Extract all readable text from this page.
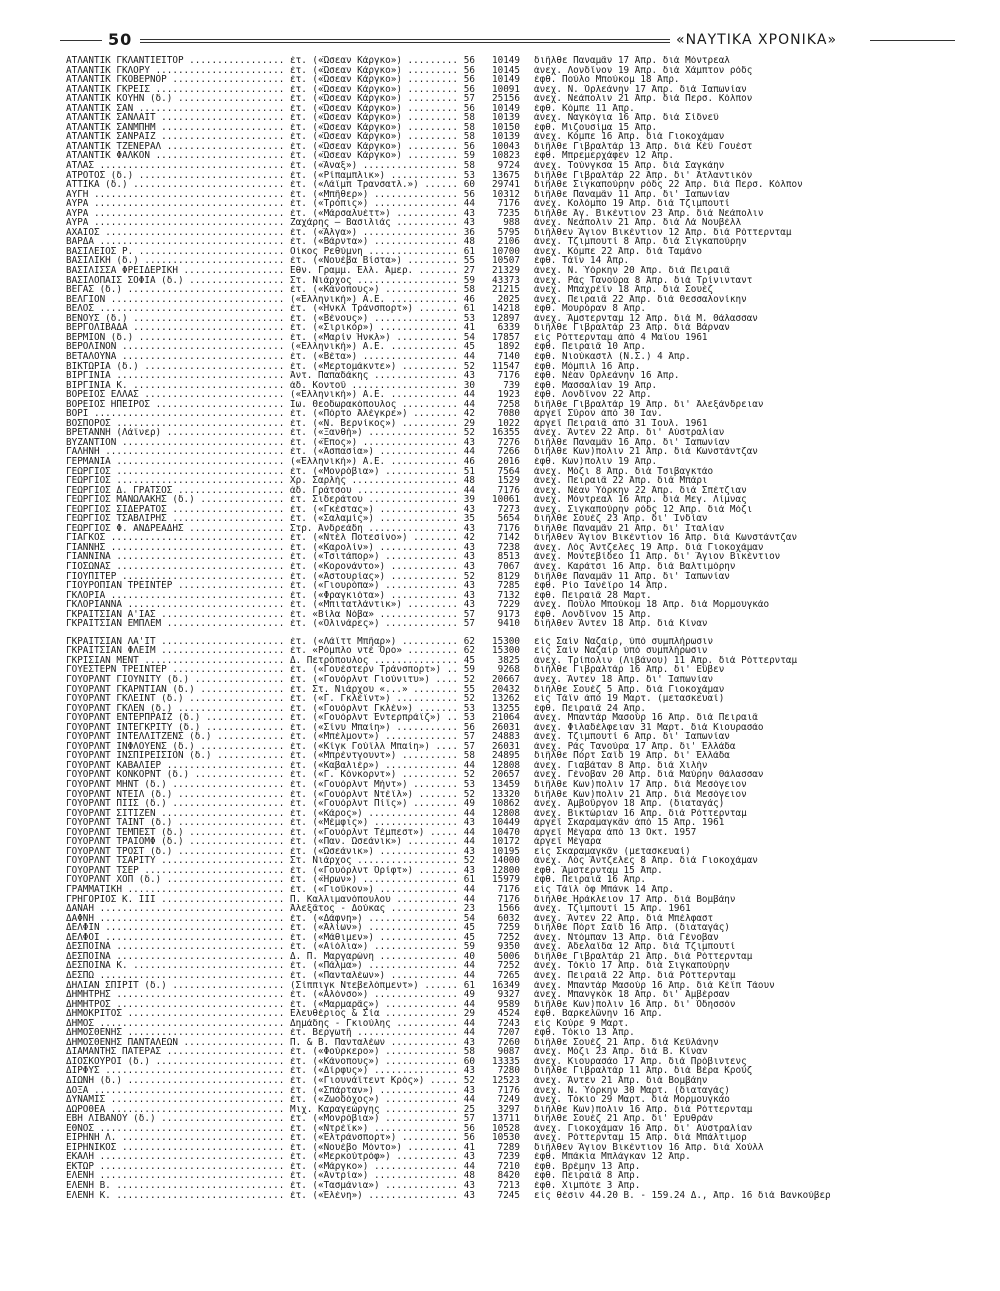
50	«ΝΑΥΤΙΚΑ ΧΡΟΝΙΚΑ»
ΑΤΛΑΝΤΙΚ ΓΚΛΑΝΤΙΕΊΤΟΡ .....	ἑτ. («Ὤσεαν Κάργκο») .....	56	10149 διῆλθε Παναμᾶν 17 Ἀπρ. διὰ Μόντρεαλ
ΑΤΛΑΝΤΙΚ ΓΚΛΟΡΥ .....	ἑτ. («Ὤσεαν Κάργκο») .....	56	10145 ἀνεχ. Λονδῖνον 19 Ἀπρ. διὰ Χάμπτον ρόδς
ΑΤΛΑΝΤΙΚ ΓΚΟΒΕΡΝΟΡ .....	ἑτ. («Ὤσεαν Κάργκο») .....	56	10149 ἐφθ. Πούλο Μπούκομ 18 Ἀπρ.
ΑΤΛΑΝΤΙΚ ΓΚΡΕΪΣ .....	ἑτ. («Ὤσεαν Κάργκο») .....	56	10091 ἀνεχ. Ν. Ὀρλεάνην 17 Ἀπρ. διὰ Ἰαπωνίαν
ΑΤΛΑΝΤΙΚ ΚΟΥΗΝ (δ.) .....	ἑτ. («Ὤσεαν Κάργκο») .....	57	25156 ἀνεχ. Νεάπολιν 21 Ἀπρ. διὰ Περσ. Κόλπον
ΑΤΛΑΝΤΙΚ ΣΑΝ .....	ἑτ. («Ὤσεαν Κάργκο») .....	56	10149 ἐφθ. Κόμπε 11 Ἀπρ.
ΑΤΛΑΝΤΙΚ ΣΑΝΛΑΪΤ .....	ἑτ. («Ὤσεαν Κάργκο») .....	58	10139 ἀνεχ. Ναγκόγια 16 Ἀπρ. διὰ Σίδνεϋ
ΑΤΛΑΝΤΙΚ ΣΑΝΜΠΗΜ .....	ἑτ. («Ὤσεαν Κάργκο») .....	58	10150 ἐφθ. Μιζουσίμα 15 Ἀπρ.
ΑΤΛΑΝΤΙΚ ΣΑΝΡΑΪΖ .....	ἑτ. («Ὤσεαν Κάργκο») .....	58	10139 ἀνεχ. Κόμπε 16 Ἀπρ. διὰ Γιοκοχάμαν
ΑΤΛΑΝΤΙΚ ΤΖΕΝΕΡΑΛ .....	ἑτ. («Ὤσεαν Κάργκο») .....	56	10043 διῆλθε Γιβραλτὰρ 13 Ἀπρ. διὰ Κέϋ Γουέστ
ΑΤΛΑΝΤΙΚ ΦΑΛΚΟΝ .....	ἑτ. («Ὤσεαν Κάργκο») .....	59	10823 ἐφθ. Μπρεμερχάφεν 12 Ἀπρ.
ΑΤΛΑΣ .....	ἑτ. («Ἄναξ») .....	58	9724 ἀνεχ. Τούνγκσα 15 Ἀπρ. διὰ Σαγκάην
ΑΤΡΟΤΟΣ (δ.) .....	ἑτ. («Ρίπαμπλικ») .....	53	13675 διῆλθε Γιβραλτὰρ 22 Ἀπρ. δι' Ἀτλαντικὸν
ΑΤΤΙΚΑ (δ.) .....	ἑτ. («Λάϊμπ Τρανσατλ.») .....	60	29741 διῆλθε Σιγκαπούρην ρόδς 22 Ἀπρ. διὰ Περσ. Κόλπον
ΑΥΓΗ .....	ἑτ. («Μπῆθερ») .....	56	10312 διῆλθε Παναμᾶν 11 Ἀπρ. δι' Ἰαπωνίαν
ΑΥΡΑ .....	ἑτ. («Τρόπις») .....	44	7176 ἀνεχ. Κολόμπο 19 Ἀπρ. διὰ Τζιμπουτί
ΑΥΡΑ .....	ἑτ. («Μάρσαλυέττ») .....	43	7235 διῆλθε Ἁγ. Βικέντιον 23 Ἀπρ. διὰ Νεάπολιν
ΑΥΡΑ .....	Ζαχάρης — Βασιλιάς .....	43	988 ἀνεχ. Νεάπολιν 21 Ἀπρ. διὰ Λὰ Νουβέλλ
ΑΧΑΙΟΣ .....	ἑτ. («Ἄλγα») .....	36	5795 διῆλθεν Ἅγιον Βικέντιον 12 Ἀπρ. διὰ Ρόττερνταμ
ΒΑΡΔΑ .....	ἑτ. («Βάρντα») .....	48	2106 ἀνεχ. Τζιμπουτί 8 Ἀπρ. διὰ Σιγκαπούρην
ΒΑΣΙΛΕΙΟΣ Ρ. .....	Οἶκος Ρεθύμνη .....	61	10700 ἀνεχ. Κόμπε 22 Ἀπρ. διὰ Ταμάνο
ΒΑΣΙΛΙΚΗ (δ.) .....	ἑτ. («Νουέβα Βίστα») .....	55	10507 ἐφθ. Τάϊν 14 Ἀπρ.
ΒΑΣΙΛΙΣΣΑ ΦΡΕΙΔΕΡΙΚΗ .....	Ἑθν. Γραμμ. Ἑλλ. Ἀμερ. .....	27	21329 ἀνεχ. Ν. Ὑόρκην 20 Ἀπρ. διὰ Πειραιᾶ
ΒΑΣΙΛΟΠΑΙΣ ΣΟΦΙΑ (δ.) .....	Στ. Νιάρχος .....	59	43373 ἀνεχ. Ράς Τανούρα 8 Ἀπρ. διὰ Τρίνινταντ
ΒΕΓΑΣ (δ.) .....	ἑτ. («Κάνοπους») .....	58	21215 ἀνεχ. Μπαχρέϊν 18 Ἀπρ. διὰ Σουέζ
ΒΕΛΓΙΟΝ .....	(«Ἑλληνική») Α.Ε. .....	46	2025 ἀνεχ. Πειραιᾶ 22 Ἀπρ. διὰ Θεσσαλονίκην
ΒΕΛΟΣ .....	ἑτ. («Ἡνκλ Τράνσπορτ») .....	61	14218 ἐφθ. Μουρόραν 8 Ἀπρ.
ΒΕΝΟΥΣ (δ.) .....	ἑτ. («Βένους») .....	53	12897 ἀνεχ. Ἄμστερνταμ 12 Ἀπρ. διὰ Μ. Θάλασσαν
ΒΕΡΓΟΛΙΒΑΔΑ .....	ἑτ. («Σιρικόρ») .....	41	6339 διῆλθε Γιβραλτὰρ 23 Ἀπρ. διὰ Βάρναν
ΒΕΡΜΙΟΝ (δ.) .....	ἑτ. («Μαρίν Ἡνκλ») .....	54	17857 εἰς Ρόττερνταμ ἀπὸ 4 Μαΐου 1961
ΒΕΡΟΛΙΝΟΝ .....	(«Ἑλληνική») Α.Ε. .....	45	1892 ἐφθ. Πειραιᾶ 10 Ἀπρ.
ΒΕΤΑΛΟΥΝΑ .....	ἑτ. («Βέτα») .....	44	7140 ἐφθ. Νιούκαστλ (Ν.Σ.) 4 Ἀπρ.
ΒΙΚΤΩΡΙΑ (δ.) .....	ἑτ. («Μερτομάκντε») .....	52	11547 ἐφθ. Μόμπιλ 16 Ἀπρ.
ΒΙΡΓΙΝΙΑ .....	Ἀντ. Παπαδάκης .....	43	7176 ἐφθ. Νέαν Ὀρλεάνην 16 Ἀπρ.
ΒΙΡΓΙΝΙΑ Κ. .....	ἀδ. Κοντοῦ .....	30	739 ἐφθ. Μασσαλίαν 19 Ἀπρ.
ΒΟΡΕΙΟΣ ΕΛΛΑΣ .....	(«Ἑλληνική») Α.Ε. .....	44	1923 ἐφθ. Λονδῖνον 22 Ἀπρ.
ΒΟΡΕΙΟΣ ΗΠΕΙΡΟΣ .....	Ἰω. Θεοδωρακόπουλος .....	44	7258 διῆλθε Γιβραλτὰρ 19 Ἀπρ. δι' Ἀλεξάνδρειαν
ΒΟΡΙ .....	ἑτ. («Πόρτο Ἀλέγκρε») .....	42	7080 ἀργεῖ Σῦρον ἀπὸ 30 Ἰαν.
ΒΟΣΠΟΡΟΣ .....	ἑτ. («Ν. Βερνίκος») .....	29	1022 ἀργεῖ Πειραιᾶ ἀπὸ 31 Ἰουλ. 1961
ΒΡΕΤΑΝΝΗ (Λάϊνερ) .....	ἑτ. («Ξανθή») .....	52	16355 ἀνεχ. Ἄντεν 22 Ἀπρ. δι' Αὐστραλίαν
ΒΥΖΑΝΤΙΟΝ .....	ἑτ. («Ἔπος») .....	43	7276 διῆλθε Παναμᾶν 16 Ἀπρ. δι' Ἰαπωνίαν
ΓΑΛΗΝΗ .....	ἑτ. («Ἀσπασία») .....	44	7266 διῆλθε Κων)πολιν 21 Ἀπρ. διὰ Κωνστάντζαν
ΓΕΡΜΑΝΙΑ .....	(«Ἑλληνική») Α.Ε. .....	46	2016 ἐφθ. Κων)πολιν 19 Ἀπρ.
ΓΕΩΡΓΙΟΣ .....	ἑτ. («Μονρόβια») .....	51	7564 ἀνεχ. Μόζι 8 Ἀπρ. διὰ Τσιβαγκτάο
ΓΕΩΡΓΙΟΣ .....	Χρ. Σαρλής .....	48	1529 ἀνεχ. Πειραιᾶ 22 Ἀπρ. διὰ Μπάρι
ΓΕΩΡΓΙΟΣ Δ. ΓΡΑΤΣΟΣ .....	ἀδ. Γράτσου .....	44	7176 ἀνεχ. Νέαν Ὑόρκην 22 Ἀπρ. διὰ Σπέτζιαν
ΓΕΩΡΓΙΟΣ ΜΑΝΩΛΑΚΗΣ (δ.) .....	ἑτ. Σιδεράτου .....	39	10061 ἀνεχ. Μόντρεαλ 16 Ἀπρ. διὰ Μεγ. Λίμνας
ΓΕΩΡΓΙΟΣ ΣΙΔΕΡΑΤΟΣ .....	ἑτ. («Γκέστας») .....	43	7273 ἀνεχ. Σιγκαπούρην ρόδς 12 Ἀπρ. διὰ Μόζι
ΓΕΩΡΓΙΟΣ ΤΣΑΒΛΙΡΗΣ .....	ἑτ. («Σαλαμίς») .....	35	5654 διῆλθε Σουέζ 23 Ἀπρ. δι' Ἰνδίαν
ΓΕΩΡΓΙΟΣ Φ. ΑΝΔΡΕΑΔΗΣ .....	Στρ. Ἀνδρεάδη .....	43	7176 διῆλθε Παναμᾶν 21 Ἀπρ. δι' Ἰταλίαν
ΓΙΑΓΚΟΣ .....	ἑτ. («Ντέλ Ποτεσίνο») .....	42	7142 διῆλθεν Ἅγιον Βικέντιον 16 Ἀπρ. διὰ Κωνστάντζαν
ΓΙΑΝΝΗΣ .....	ἑτ. («Καρολίν») .....	43	7238 ἀνεχ. Λὸς Ἄντζελες 19 Ἀπρ. διὰ Γιοκοχάμαν
ΓΙΑΝΝΙΝΑ .....	ἑτ. («Τσιτάπορ») .....	43	8513 ἀνεχ. Μοντεβίδεο 11 Ἀπρ. δι' Ἅγιον Βικέντιον
ΓΙΟΣΩΝΑΣ .....	ἑτ. («Κορονάντο») .....	43	7067 ἀνεχ. Καράτσι 16 Ἀπρ. διὰ Βαλτιμόρην
ΓΙΟΥΠΙΤΕΡ .....	ἑτ. («Ἀστουρίας») .....	52	8129 διῆλθε Παναμᾶν 11 Ἀπρ. δι' Ἰαπωνίαν
ΓΙΟΥΡΟΠΙΑΝ ΤΡΕΪΝΤΕΡ .....	ἑτ. («Γιουρόπα») .....	43	7285 ἐφθ. Ρίο Ἰανέϊρο 14 Ἀπρ.
ΓΚΛΟΡΙΑ .....	ἑτ. («Φραγκιότα») .....	43	7132 ἐφθ. Πειραιᾶ 28 Μαρτ.
ΓΚΛΟΡΙΑΝΝΑ .....	ἑτ. («Μπιτατλάντικ») .....	43	7229 ἀνεχ. Πούλο Μπούκομ 18 Ἀπρ. διὰ Μορμουγκάο
ΓΚΡΑΪΤΣΙΑΝ Α'ΪΑΣ .....	ἑτ. «Βίλα Νόβα» .....	57	9173 ἐφθ. Λονδῖνον 15 Ἀπρ.
ΓΚΡΑΪΤΣΙΑΝ ΕΜΠΛΕΜ .....	ἑτ. («Ὀλινάρες») .....	57	9410 διῆλθεν Ἄντεν 18 Ἀπρ. διὰ Κίναν
ΓΚΡΑΪΤΣΙΑΝ ΛΑ'ΪΤ .....	ἑτ. («Λάϊττ Μπῆαρ») .....	62	15300 εἰς Σαὶν Ναζαίρ, ὑπὸ συμπλήρωσιν
ΓΚΡΑΪΤΣΙΑΝ ΦΛΕΪΜ .....	ἑτ. «Ρόμπλο ντὲ Ὄρο» .....	62	15300 εἰς Σαὶν Ναζαίρ ὑπὸ συμπλήρωσιν
ΓΚΡΙΣΙΑΝ ΜΕΝΤ .....	Δ. Πετρόπουλος .....	45	3825 ἀνεχ. Τρίπολιν (Λιβάνου) 11 Ἀπρ. διὰ Ρόττερνταμ
ΓΟΥΕΣΤΕΡΝ ΤΡΕΪΝΤΕΡ .....	ἑτ. («Γουέστερν Τράνσπορτ») .....	59	9268 διῆλθε Γιβραλτὰρ 16 Ἀπρ. δι' Εὔβεν
ΓΟΥΟΡΛΝΤ ΓΙΟΥΝΙΤΥ (δ.) .....	ἑτ. («Γουόρλντ Γιούνιτυ») .....	52	20667 ἀνεχ. Ἄντεν 18 Ἀπρ. δι' Ἰαπωνίαν
ΓΟΥΟΡΛΝΤ ΓΚΑΡΝΤΙΑΝ (δ.) .....	ἑτ. Στ. Νιάρχου «...» .....	55	20432 διῆλθε Σουέζ 5 Ἀπρ. διὰ Γιοκοχάμαν
ΓΟΥΟΡΛΝΤ ΓΚΛΕΪΝΤ (δ.) .....	ἑτ. («Γ. Γκλέϊντ») .....	52	13262 εἰς Τάϊν ἀπὸ 19 Μαρτ. (μετασκευαί)
ΓΟΥΟΡΛΝΤ ΓΚΛΕΝ (δ.) .....	ἑτ. («Γουόρλντ Γκλέν») .....	53	13255 ἐφθ. Πειραιᾶ 24 Ἀπρ.
ΓΟΥΟΡΛΝΤ ΕΝΤΕΡΠΡΑΪΖ (δ.) .....	ἑτ. («Γουόρλντ Ἐντερπράϊζ») .....	53	21064 ἀνεχ. Μπαντὰρ Μασοὺρ 16 Ἀπρ. διὰ Πειραιᾶ
ΓΟΥΟΡΛΝΤ ΙΝΤΕΓΚΡΙΤΥ (δ.) .....	ἑτ. («Σίνυ Μπαίη») .....	56	26031 ἀνεχ. Φιλαδέλφειαν 31 Μαρτ. διὰ Κιουρασάο
ΓΟΥΟΡΛΝΤ ΙΝΤΕΛΛΙΤΖΕΝΣ (δ.) .....	ἑτ. («Μπέλμοντ») .....	57	24883 ἀνεχ. Τζιμπουτί 6 Ἀπρ. δι' Ἰαπωνίαν
ΓΟΥΟΡΛΝΤ ΙΝΦΛΟΥΕΝΣ (δ.) .....	ἑτ. («Κίγκ Γούϊλλ Μπαίη») .....	57	26031 ἀνεχ. Ράς Τανούρα 17 Ἀπρ. δι' Ἑλλάδα
ΓΟΥΟΡΛΝΤ ΙΝΣΠΙΡΕΪΣΙΟΝ (δ.) .....	ἑτ. («Μπρέντγουντ») .....	58	24895 διῆλθε Πόρτ Σαΐδ 19 Ἀπρ. δι' Ἑλλάδα
ΓΟΥΟΡΛΝΤ ΚΑΒΑΛΙΕΡ .....	ἑτ. («Καβαλιέρ») .....	44	12808 ἀνεχ. Γιαβάταν 8 Ἀπρ. διὰ Χιλὴν
ΓΟΥΟΡΛΝΤ ΚΟΝΚΟΡΝΤ (δ.) .....	ἑτ. («Γ. Κόνκορντ») .....	52	20657 ἀνεχ. Γένοβαν 20 Ἀπρ. διὰ Μαύρην Θάλασσαν
ΓΟΥΟΡΛΝΤ ΜΗΝΤ (δ.) .....	ἑτ. («Γουόρλντ Μήντ») .....	53	13459 διῆλθε Κων)πολιν 17 Ἀπρ. διὰ Μεσόγειον
ΓΟΥΟΡΛΝΤ ΝΤΕΪΛ (δ.) .....	ἑτ. («Γουόρλντ Ντέϊλ») .....	52	13320 διῆλθε Κων)πολιν 21 Ἀπρ. διὰ Μεσόγειον
ΓΟΥΟΡΛΝΤ ΠΙΪΣ (δ.) .....	ἑτ. («Γουόρλντ Πίϊς») .....	49	10862 ἀνεχ. Ἀμβοῦργον 18 Ἀπρ. (διαταγάς)
ΓΟΥΟΡΛΝΤ ΣΙΤΙΖΕΝ .....	ἑτ. («Κάρος») .....	44	12808 ἀνεχ. Βικτώριαν 16 Ἀπρ. διὰ Ρόττερνταμ
ΓΟΥΟΡΛΝΤ ΤΑΪΝΤ (δ.) .....	ἑτ. («Μέμφις») .....	43	10449 ἀργεῖ Σκαραμαγκᾶν ἀπὸ 15 Ἀπρ. 1961
ΓΟΥΟΡΛΝΤ ΤΕΜΠΕΣΤ (δ.) .....	ἑτ. («Γουόρλντ Τέμπεστ») .....	44	10470 ἀργεῖ Μέγαρα ἀπὸ 13 Ὀκτ. 1957
ΓΟΥΟΡΛΝΤ ΤΡΑΪΟΜΦ (δ.) .....	ἑτ. («Παν. Ὠσεάνικ») .....	44	10172 ἀργεῖ Μέγαρα
ΓΟΥΟΡΛΝΤ ΤΡΟΣΤ (δ.) .....	ἑτ. («Ὠσεάνικ») .....	43	10195 εἰς Σκαραμαγκᾶν (μετασκευαί)
ΓΟΥΟΡΛΝΤ ΤΣΑΡΙΤΥ .....	Στ. Νιάρχος .....	52	14000 ἀνεχ. Λὸς Ἄντζελες 8 Ἀπρ. διὰ Γιοκοχάμαν
ΓΟΥΟΡΛΝΤ ΤΣΕΡ .....	ἑτ. («Γουόρλντ Ὀρίφτ») .....	43	12800 ἐφθ. Ἄμστερνταμ 15 Ἀπρ.
ΓΟΥΟΡΛΝΤ ΧΟΠ (δ.) .....	ἑτ. («Ἥρων») .....	61	15979 ἐφθ. Πειραιᾶ 16 Ἀπρ.
ΓΡΑΜΜΑΤΙΚΗ .....	ἑτ. («Γιοῦκον») .....	44	7176 εἰς Τάϊλ ὄφ Μπάνκ 14 Ἀπρ.
ΓΡΗΓΟΡΙΟΣ Κ. ΙΙΙ .....	Π. Καλλιμανόπουλου .....	44	7176 διῆλθε Ἡράκλειον 17 Ἀπρ. διὰ Βομβάην
ΔΑΝΑΗ .....	Ἀλεξᾶτος - Δούκας .....	23	1566 ἀνεχ. Τζιμπουτί 15 Ἀπρ. 1961
ΔΑΦΝΗ .....	ἑτ. («Δάφνη») .....	54	6032 ἀνεχ. Ἄντεν 22 Ἀπρ. διὰ Μπέλφαστ
ΔΕΛΦΙΝ .....	ἑτ. («Ἀλίων») .....	45	7259 διῆλθε Πόρτ Σαΐδ 16 Ἀπρ. (διαταγάς)
ΔΕΛΦΟΙ .....	ἑτ. («Μάθιμεν») .....	45	7252 ἀνεχ. Ντόμπαν 13 Ἀπρ. διὰ Γένοβαν
ΔΕΣΠΟΙΝΑ .....	ἑτ. («Αἰόλια») .....	59	9350 ἀνεχ. Ἀδελαΐδα 12 Ἀπρ. διὰ Τζιμπουτί
ΔΕΣΠΟΙΝΑ .....	Δ. Π. Μαργαρώνη .....	40	5006 διῆλθε Γιβραλτὰρ 21 Ἀπρ. διὰ Ρόττερνταμ
ΔΕΣΠΟΙΝΑ Κ. .....	ἑτ. («Πάλμα») .....	44	7252 ἀνεχ. Τόκιο 17 Ἀπρ. διὰ Σιγκαπούρην
ΔΕΣΠΩ .....	ἑτ. («Πανταλέων») .....	44	7265 ἀνεχ. Πειραιᾶ 22 Ἀπρ. διὰ Ρόττερνταμ
ΔΗΛΙΑΝ ΣΠΙΡΙΤ (δ.) .....	(Σίππιγκ Ντεβελόπμεντ») .....	61	16349 ἀνεχ. Μπαντὰρ Μασοὺρ 16 Ἀπρ. διὰ Κέϊπ Τάουν
ΔΗΜΗΤΡΗΣ .....	ἑτ. («Ἀλόνσο») .....	49	9327 ἀνεχ. Μπανγκὸκ 18 Ἀπρ. δι' Ἀμβέρσαν
ΔΗΜΗΤΡΟΣ .....	ἑτ. («Μαρμαρᾶς») .....	44	9589 διῆλθε Κων)πολιν 16 Ἀπρ. δι' Ὀδησσὸν
ΔΗΜΟΚΡΙΤΟΣ .....	Ἐλευθέριος & Σία .....	29	4524 ἐφθ. Βαρκελῶνην 16 Ἀπρ.
ΔΗΜΟΣ .....	Δημάδης - Γκιούλης .....	44	7243 εἰς Κούρε 9 Μαρτ.
ΔΗΜΟΣΘΕΝΗΣ .....	ἑτ. Βεργωτῆ .....	44	7207 ἐφθ. Τόκιο 13 Ἀπρ.
ΔΗΜΟΣΘΕΝΗΣ ΠΑΝΤΑΛΕΩΝ .....	Π. & Β. Πανταλέων .....	43	7260 διῆλθε Σουέζ 21 Ἀπρ. διὰ Κεϋλάνην
ΔΙΑΜΑΝΤΗΣ ΠΑΤΕΡΑΣ .....	ἑτ. («Φούρκερο») .....	58	9087 ἀνεχ. Μόζι 23 Ἀπρ. διὰ Β. Κίναν
ΔΙΟΣΚΟΥΡΟΙ (δ.) .....	ἑτ. («Κάνοπους») .....	60	13335 ἀνεχ. Κιουρασάο 17 Ἀπρ. διὰ Πρόβιντενς
ΔΙΡΦΥΣ .....	ἑτ. («Δίρφυς») .....	43	7280 διῆλθε Γιβραλτὰρ 11 Ἀπρ. διὰ Βέρα Κρούζ
ΔΙΩΝΗ (δ.) .....	ἑτ. («Γιουνάϊτεντ Κρός») .....	52	12523 ἀνεχ. Ἄντεν 21 Ἀπρ. διὰ Βομβάην
ΔΟΞΑ .....	ἑτ. («Σπάρταν») .....	43	7176 ἀνεχ. Ν. Ὑόρκην 30 Μαρτ. (διαταγάς)
ΔΥΝΑΜΙΣ .....	ἑτ. («Ζωοδόχος») .....	44	7249 ἀνεχ. Τόκιο 29 Μαρτ. διὰ Μορμουγκάο
ΔΩΡΟΘΕΑ .....	Μιχ. Καραγεώργης .....	25	3297 διῆλθε Κων)πολιν 16 Ἀπρ. διὰ Ρόττερνταμ
ΕΒΗ ΛΙΒΑΝΟΥ (δ.) .....	ἑτ. («Μονρόβια») .....	57	13711 διῆλθε Σουέζ 21 Ἀπρ. δι' Ἐρυθρὰν
ΕΘΝΟΣ .....	ἑτ. («Ντρέϊκ») .....	56	10528 ἀνεχ. Γιοκοχάμαν 16 Ἀπρ. δι' Αὐστραλίαν
ΕΙΡΗΝΗ Λ. .....	ἑτ. («Ἐλτράνσπορτ») .....	56	10530 ἀνεχ. Ρόττερνταμ 15 Ἀπρ. διὰ Μπάλτιμορ
ΕΙΡΗΝΙΚΟΣ .....	ἑτ. («Νουέβο Μόντο») .....	41	7289 διῆλθεν Ἅγιον Βικέντιον 16 Ἀπρ. διὰ Χούλλ
ΕΚΑΛΗ .....	ἑτ. («Μερκούτρόφ») .....	43	7239 ἐφθ. Μπάκια Μπλάγκαν 12 Ἀπρ.
ΕΚΤΩΡ .....	ἑτ. («Μάργκο») .....	44	7210 ἐφθ. Βρέμην 13 Ἀπρ.
ΕΛΕΝΗ .....	ἑτ. («Ἀντρία») .....	48	8420 ἐφθ. Πειραιᾶ 8 Ἀπρ.
ΕΛΕΝΗ Β. .....	ἑτ. («Τασμάνια») .....	43	7213 ἐφθ. Χιμπότε 3 Ἀπρ.
ΕΛΕΝΗ Κ. .....	ἑτ. («Ἑλένη») .....	43	7245 εἰς θέσιν 44.20 Β. - 159.24 Δ., Ἀπρ. 16 διὰ Βανκούβερ
